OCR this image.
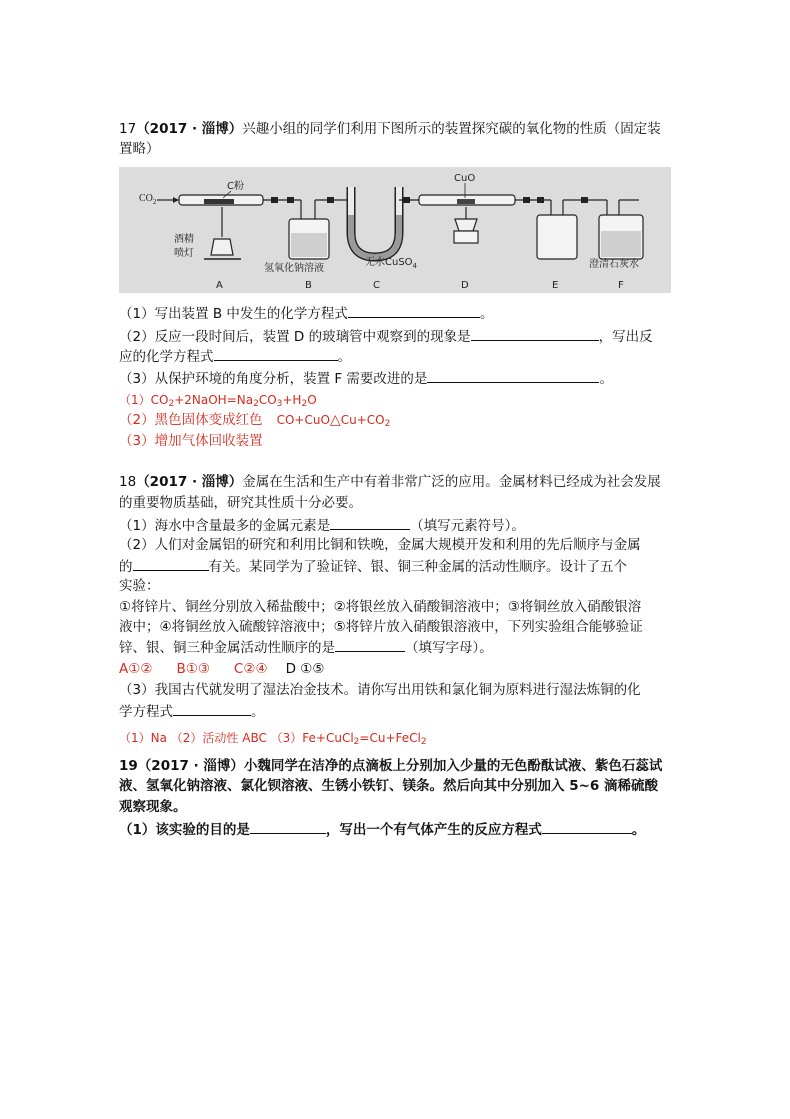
17（2017 · 淄博）兴趣小组的同学们利用下图所示的装置探究碳的氧化物的性质（固定装
置略）
$CO_2$
C粉
酒精
喷灯
氢氧化钠溶液
无水CuSO$_4$
CuO
澄清石灰水
A	B	C	D	E	F
（1）写出装置 B 中发生的化学方程式	。
（2）反应一段时间后，装置 D 的玻璃管中观察到的现象是	，写出反
应的化学方程式	。
（3）从保护环境的角度分析，装置 F 需要改进的是	。
$(1)CO_2+2NaOH=Na_2CO_3+H_2O$
（2）黑色固体变成红色 $CO+CuO\triangle Cu+CO_2$
（3）增加气体回收装置
18（2017 · 淄博）金属在生活和生产中有着非常广泛的应用。金属材料已经成为社会发展
的重要物质基础，研究其性质十分必要。
（1）海水中含量最多的金属元素是	（填写元素符号）。
（2）人们对金属铝的研究和利用比铜和铁晚，金属大规模开发和利用的先后顺序与金属
的	有关。某同学为了验证锌、银、铜三种金属的活动性顺序。设计了五个
实验：
①将锌片、铜丝分别放入稀盐酸中；②将银丝放入硝酸铜溶液中；③将铜丝放入硝酸银溶
液中；④将铜丝放入硫酸锌溶液中；⑤将锌片放入硝酸银溶液中，下列实验组合能够验证
锌、银、铜三种金属活动性顺序的是	（填写字母）。
A①② B①③ C②④ D ①⑤
（3）我国古代就发明了湿法冶金技术。请你写出用铁和氯化铜为原料进行湿法炼铜的化
学方程式	。
（1）Na （2）活动性 ABC （3）Fe+CuCl$_2$=Cu+FeCl$_2$
19（2017 · 淄博）小魏同学在洁净的点滴板上分别加入少量的无色酚酞试液、紫色石蕊试
液、氢氧化钠溶液、氯化钡溶液、生锈小铁钉、镁条。然后向其中分别加入 5~6 滴稀硫酸
观察现象。
（1）该实验的目的是	，写出一个有气体产生的反应方程式	。
